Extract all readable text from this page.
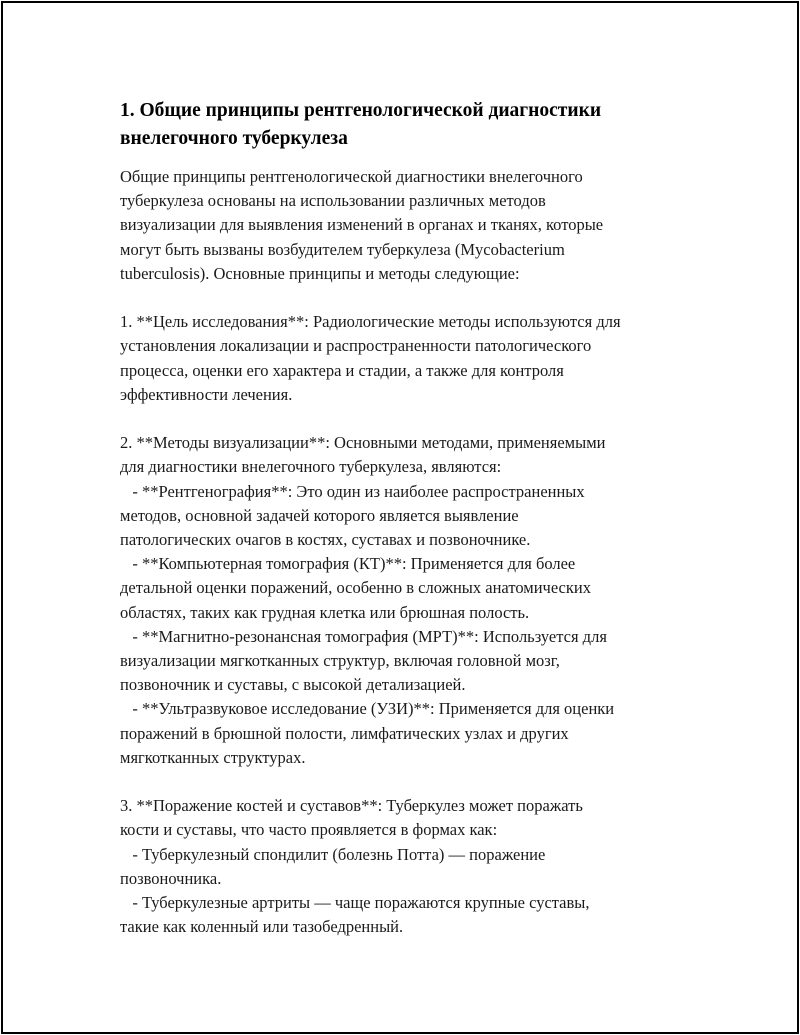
1. Общие принципы рентгенологической диагностики
внелегочного туберкулеза
Общие принципы рентгенологической диагностики внелегочного
туберкулеза основаны на использовании различных методов
визуализации для выявления изменений в органах и тканях, которые
могут быть вызваны возбудителем туберкулеза (Mycobacterium
tuberculosis). Основные принципы и методы следующие:
1. **Цель исследования**: Радиологические методы используются для
установления локализации и распространенности патологического
процесса, оценки его характера и стадии, а также для контроля
эффективности лечения.
2. **Методы визуализации**: Основными методами, применяемыми
для диагностики внелегочного туберкулеза, являются:
- **Рентгенография**: Это один из наиболее распространенных
методов, основной задачей которого является выявление
патологических очагов в костях, суставах и позвоночнике.
- **Компьютерная томография (КТ)**: Применяется для более
детальной оценки поражений, особенно в сложных анатомических
областях, таких как грудная клетка или брюшная полость.
- **Магнитно-резонансная томография (МРТ)**: Используется для
визуализации мягкотканных структур, включая головной мозг,
позвоночник и суставы, с высокой детализацией.
- **Ультразвуковое исследование (УЗИ)**: Применяется для оценки
поражений в брюшной полости, лимфатических узлах и других
мягкотканных структурах.
3. **Поражение костей и суставов**: Туберкулез может поражать
кости и суставы, что часто проявляется в формах как:
- Туберкулезный спондилит (болезнь Потта) — поражение
позвоночника.
- Туберкулезные артриты — чаще поражаются крупные суставы,
такие как коленный или тазобедренный.
